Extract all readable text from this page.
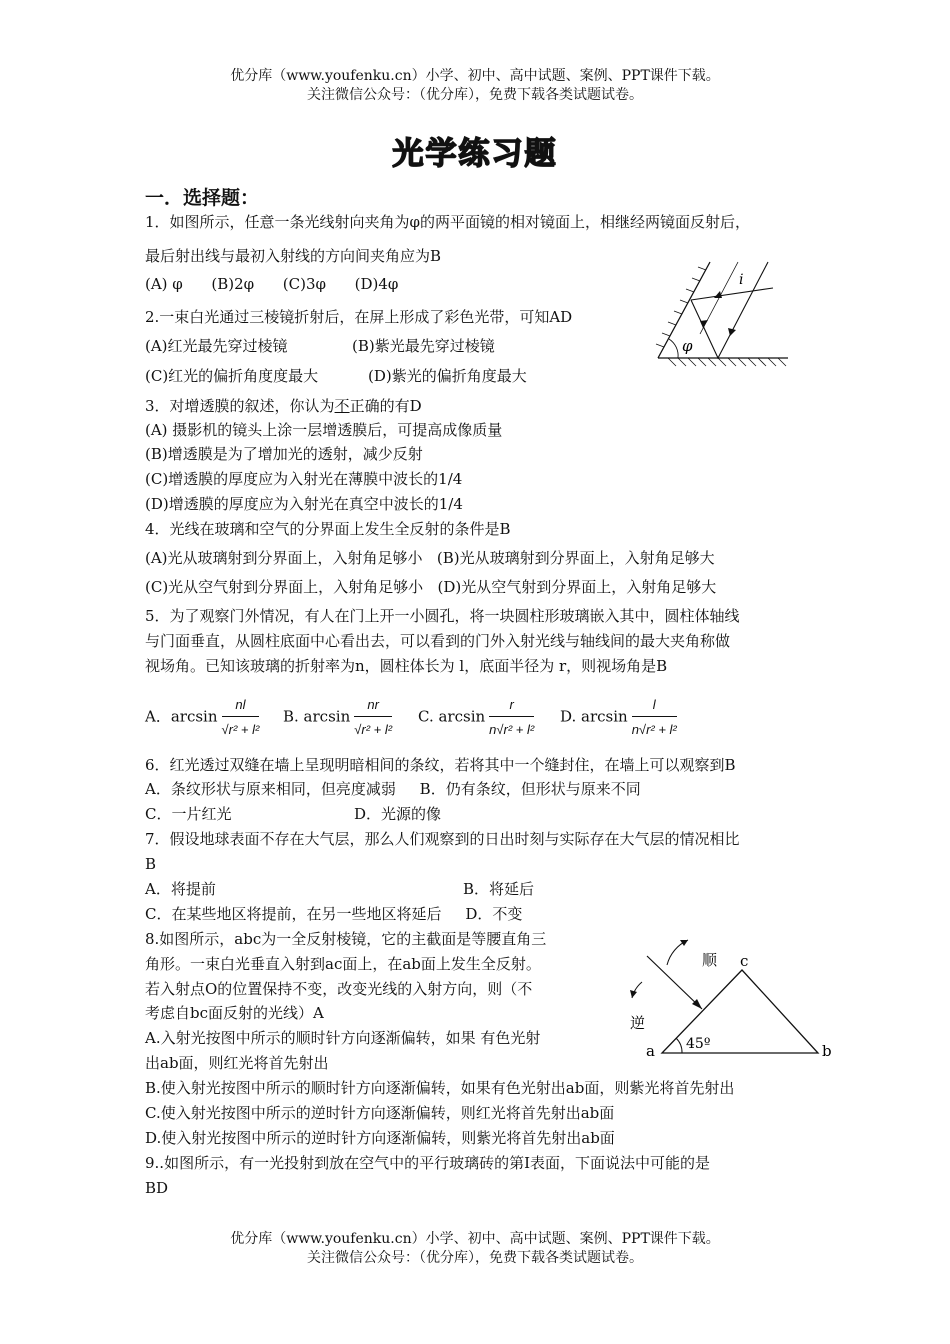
优分库（www.youfenku.cn）小学、初中、高中试题、案例、PPT课件下载。
关注微信公众号：（优分库），免费下载各类试题试卷。
光学练习题
一．选择题：
1．如图所示，任意一条光线射向夹角为φ的两平面镜的相对镜面上，相继经两镜面反射后，
最后射出线与最初入射线的方向间夹角应为B
(A) φ      (B)2φ      (C)3φ      (D)4φ
2.一束白光通过三棱镜折射后，在屏上形成了彩色光带，可知AD
(A)红光最先穿过棱镜	(B)紫光最先穿过棱镜
(C)红光的偏折角度度最大	(D)紫光的偏折角度最大
φ
i
3．对增透膜的叙述，你认为不正确的有D
(A) 摄影机的镜头上涂一层增透膜后，可提高成像质量
(B)增透膜是为了增加光的透射，减少反射
(C)增透膜的厚度应为入射光在薄膜中波长的1/4
(D)增透膜的厚度应为入射光在真空中波长的1/4
4．光线在玻璃和空气的分界面上发生全反射的条件是B
(A)光从玻璃射到分界面上，入射角足够小   (B)光从玻璃射到分界面上，入射角足够大
(C)光从空气射到分界面上，入射角足够小   (D)光从空气射到分界面上，入射角足够大
5．为了观察门外情况，有人在门上开一小圆孔，将一块圆柱形玻璃嵌入其中，圆柱体轴线
与门面垂直，从圆柱底面中心看出去，可以看到的门外入射光线与轴线间的最大夹角称做
视场角。已知该玻璃的折射率为n，圆柱体长为 l，底面半径为 r，则视场角是B
A．$\arcsin \frac{nl}{\text{√r² + l²}} B$. $\arcsin \frac{nr}{\text{√r² + l²}} C$. $\arcsin \frac{r}{\text{n√r² + l²}} D$. $\arcsin \frac{l}{\text{n√r² + l²}}$
6．红光透过双缝在墙上呈现明暗相间的条纹，若将其中一个缝封住，在墙上可以观察到B
A．条纹形状与原来相同，但亮度减弱     B．仍有条纹，但形状与原来不同
C．一片红光	D．光源的像
7．假设地球表面不存在大气层，那么人们观察到的日出时刻与实际存在大气层的情况相比
B
A．将提前	B．将延后
C．在某些地区将提前，在另一些地区将延后     D．不变
8.如图所示，abc为一全反射棱镜，它的主截面是等腰直角三
角形。一束白光垂直入射到ac面上，在ab面上发生全反射。
若入射点O的位置保持不变，改变光线的入射方向，则（不
考虑自bc面反射的光线）A
A.入射光按图中所示的顺时针方向逐渐偏转，如果 有色光射
出ab面，则红光将首先射出
B.使入射光按图中所示的顺时针方向逐渐偏转，如果有色光射出ab面，则紫光将首先射出
C.使入射光按图中所示的逆时针方向逐渐偏转，则红光将首先射出ab面
D.使入射光按图中所示的逆时针方向逐渐偏转，则紫光将首先射出ab面
顺
逆
a	b
c
45º
9..如图所示，有一光投射到放在空气中的平行玻璃砖的第Ⅰ表面，下面说法中可能的是
BD
优分库（www.youfenku.cn）小学、初中、高中试题、案例、PPT课件下载。
关注微信公众号：（优分库），免费下载各类试题试卷。
